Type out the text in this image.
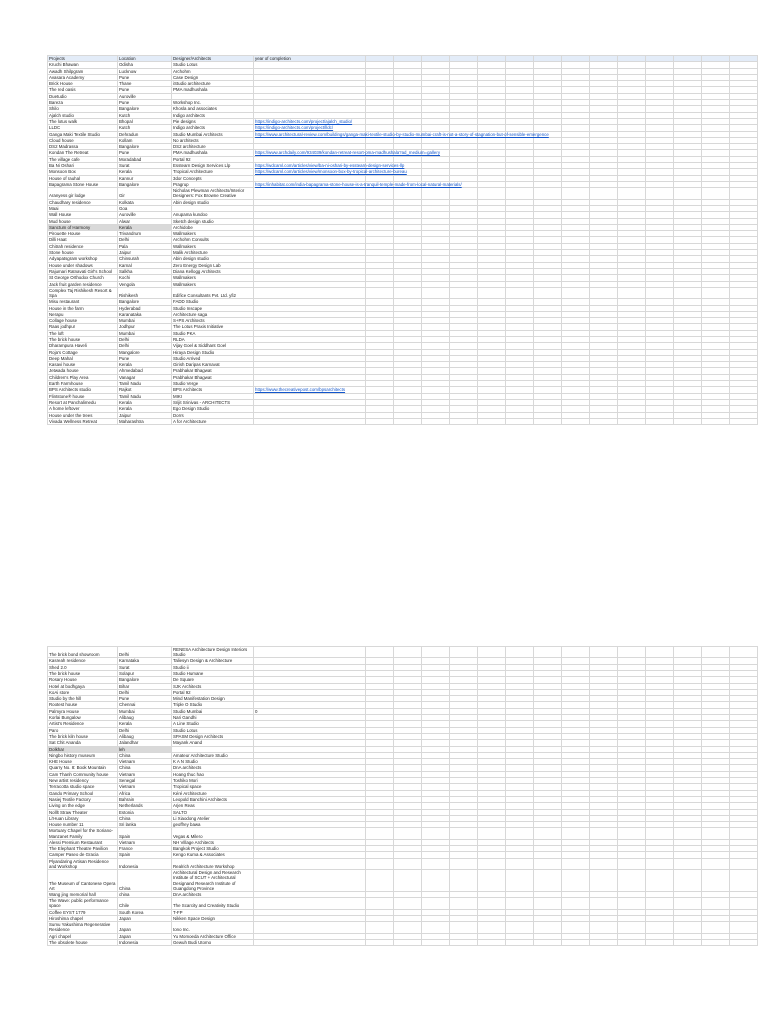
Projects	Location	Designer/Architects	year of completion														
Kruchi Bhawan	Odisha	Studio Lotus															
Awadh Shilpgram	Lucknow	Archohm															
Avasara Academy	Pune	Case Design															
Brick House	Thane	iStudio architecture															
The red oasis	Pune	PMA madhushala															
Duetudio	Auroville																
Bareza	Pune	Workshop Inc.															
Shilo	Bangalore	Khosla and associates															
Ajalch studio	Kutch	Indigo architects															
The lotus walk	Bhopal	Pie designs	https://indigo-architects.com/project/ajalch_studio/														
LLDC	Kutch	Indigo architects	https://indigo-architects.com/project/lldc/														
Ganga Maki Textile Studio	Dehradun	Studio Mumbai Architects	https://www.architectural-review.com/buildings/ganga-maki-textile-studio-by-studio-mumbai-craft-is-not-a-story-of-stagnation-but-of-sensible-emergence														
Cloud house	Kollam	No architects															
DS2 Madrassa	Bangalore	DS2 architecture															
Kondan The Retreat	Pune	PMA madhushala	https://www.archdaily.com/934039/kondan-retreat-resort-pma-madhushala?ad_medium=gallery														
The village cafe	Moradabad	Portal 92															
Ba Ni Oshari	Surat	Esstearn Design Services Llp	https://wdcaml.com/articles/view/ba-ni-oshari-by-esstearn-design-services-llp														
Monsoon Box	Kerala	Tropical Architecture	https://wdcaml.com/articles/view/monsoon-box-by-tropical-architecture-bureau														
House of rauhal	Kannur	3dor Concepts															
Bapagrama Stone House	Bangalore	Pragrup	https://inhabitat.com/india-bapagrama-stone-house-is-a-tranquil-temple-made-from-local-natural-materials/														
Aranyess gir lodge	Gir	Nicholas Plewman Architects/Interior Designers: Fox Browne Creative															
Chaudhary residence	Kolkata	Abin design studio															
Maai	Goa																
Wall House	Auroville	Anupama kundoo															
Mud house	Alwar	Sketch design studio															
Sanctum of Harmony	Kerala	Archidobe															
Pirouette House	Trivandrum	Wallmakers															
Dilli Haat	Delhi	Archohm Consults															
Chitrah residence	Pala	Wallmakers															
Stone house	Jaipur	Malik Architecture															
Adyapatsgram workshop	Chinsurah	Abin design studio															
House under shadows	Karnal	Zero Energy Design Lab															
Rajumari Ratnavati Girl's School	Salkha	Diana Kellogg Architects															
St George Orthodox Church	Kochi	Wallmakers															
Jack fruit garden residence	Vengola	Wallmakers															
Complex Taj Rishikesh Resort & Spa	Rishikesh	Edifice Consultants Pvt. Ltd. yfi2															
Misu restaurant	Bangalore	FADD Studio															
House in the farm	Hyderabad	Studio Inscape															
Nerapu	Karanataka	Architecture saga															
Collage house	Mumbai	S+PS Architects															
Raas jodhpur	Jodhpur	The Lotus Praxis Initiative															
The loft	Mumbai	Studio PKA															
The brick house	Delhi	RLDA															
Dharampura Haveli	Delhi	Vijay Goel & Siddhant Goel															
Roja's Cottage	Mangalore	Hiraya Design Studio															
Deep Mahal	Pune	Studio Arrived															
Kasavi house	Kerala	Girish Daripas Karnavat															
Jetwada house	Ahmedabad	Prabhakar Bhagwat															
Children's Play Area	Vanagar	Prabhakar Bhagwat															
Earth Farmhouse	Tamil Nadu	Studio Verge															
BPS Architects studio	Rajkot	BPS Architects	https://www.thecreativepost.com/bpsarchitects														
Flintstone® house	Tamil Nadu	MIKI															
Resort at Panchalimedu	Kerala	Srijit Srinivas - ARCHITECTS															
A home leftover	Kerala	Ego Design Studio															
House under the trees	Jaipur	Dorrs															
Vivada Wellness Retreat	Maharashtra	A for Architecture															
The brick bond showroom	Delhi	RENESA Architecture Design Interiors Studio															
Kasreah residence	Karnataka	Taliesyn Design & Architecture															
Shed 2.0	Surat	Studio ii															
The brick house	Solapur	Studio Humane															
Rosary House	Bangalore	De Square															
Hotel at bodhgaya	Bihar	SJK Architects															
KoAi store	Delhi	Portal 92															
Studio by the hill	Pune	Mind Manifestation Design															
Rootest house	Chennai	Triple O Studio															
Palmyra House	Mumbai	Studio Mumbai	0														
Korlai Bungalow	Alibaug	Nari Gandhi															
Artist's Residence	Kerala	A Line Studio															
Paro	Delhi	Studio Lotus															
The brick kiln house	Alibaug	SPASM Design Architects															
Sat Chit Ananda	Jalandhar	Mayank Anand															
Dolkhar	leh																
Ningbo history museum	China	Amateur Architecture Studio															
KHE House	Vietnam	K A N Studio															
Quarry No. 8: Book Mountain	China	DnA architects															
Cam Thanh Community house	Vietnam	Hoang thuc hao															
New artist residency	Senegal	Toshiko Mori															
Terracotta studio space	Vietnam	Tropical space															
Gando Primary School	Africa	Kéré Architecture															
Nasiej Textile Factory	Bahrain	Leopold Banchini Architects															
Living on the edge	Netherlands	Arjen Reas															
Nolllt Straw Theater	Estonia	SALTO															
Li'Huan Library	China	Li Xiaodong Atelier															
House number 11	Sri lanka	geoffrey bawa															
Mortuary Chapel for the Soriano-Manzanet Family	Spain	Vegas & Milero															
Alessi Premium Restaurant	Vietnam	NH Village Architects															
The Elephant Theatre Pavilion	France	Bangkok Project Studio															
Camper Paseo de Gracia	Spain	Kengo Kuma & Associates															
Plyandaring Artisan Residence and Workshop	Indonesia	Realrich Architecture Workshop															
The Museum of Cantonese Opera Art	China	Architectural Design and Research Institute of SCUT + Architectural Designand Research Institute of Guangdong Province															
Wang jing memorial hall	china	DnA architects															
The Wave: public performance space	Chile	The Scarcity and Creativity Studio															
Coffee EYST 1779	South Korea	T-FP															
Hiroshima chapel	Japan	Nikken Space Design															
Sumu Yakushima Regenerative Residence	Japan	tono Inc.															
Agri chapel	Japan	Yu Momoeda Architecture Office															
The obsolete house	Indonesia	Gewuh Budi Utomo															
